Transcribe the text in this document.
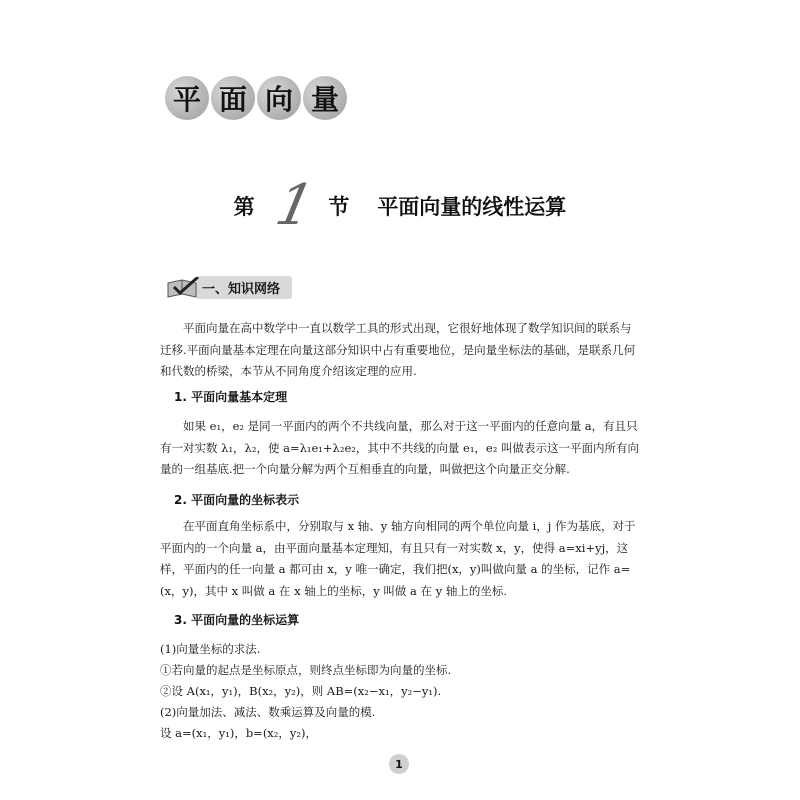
平 面 向 量
第 1 节 平面向量的线性运算
一、知识网络

平面向量在高中数学中一直以数学工具的形式出现，它很好地体现了数学知识间的联系与迁移.平面向量基本定理在向量这部分知识中占有重要地位，是向量坐标法的基础，是联系几何和代数的桥梁，本节从不同角度介绍该定理的应用.

1. 平面向量基本定理

如果 e₁，e₂ 是同一平面内的两个不共线向量，那么对于这一平面内的任意向量 a，有且只有一对实数 λ₁，λ₂，使 a=λ₁e₁+λ₂e₂，其中不共线的向量 e₁，e₂ 叫做表示这一平面内所有向量的一组基底.把一个向量分解为两个互相垂直的向量，叫做把这个向量正交分解.

2. 平面向量的坐标表示

在平面直角坐标系中，分别取与 x 轴、y 轴方向相同的两个单位向量 i，j 作为基底，对于平面内的一个向量 a，由平面向量基本定理知，有且只有一对实数 x，y，使得 a=xi+yj，这样，平面内的任一向量 a 都可由 x，y 唯一确定，我们把(x，y)叫做向量 a 的坐标，记作 a=(x，y)，其中 x 叫做 a 在 x 轴上的坐标，y 叫做 a 在 y 轴上的坐标.

3. 平面向量的坐标运算
(1)向量坐标的求法.
①若向量的起点是坐标原点，则终点坐标即为向量的坐标.
②设 A(x₁，y₁)，B(x₂，y₂)，则 AB=(x₂−x₁，y₂−y₁).
(2)向量加法、减法、数乘运算及向量的模.
设 a=(x₁，y₁)，b=(x₂，y₂)，
1
